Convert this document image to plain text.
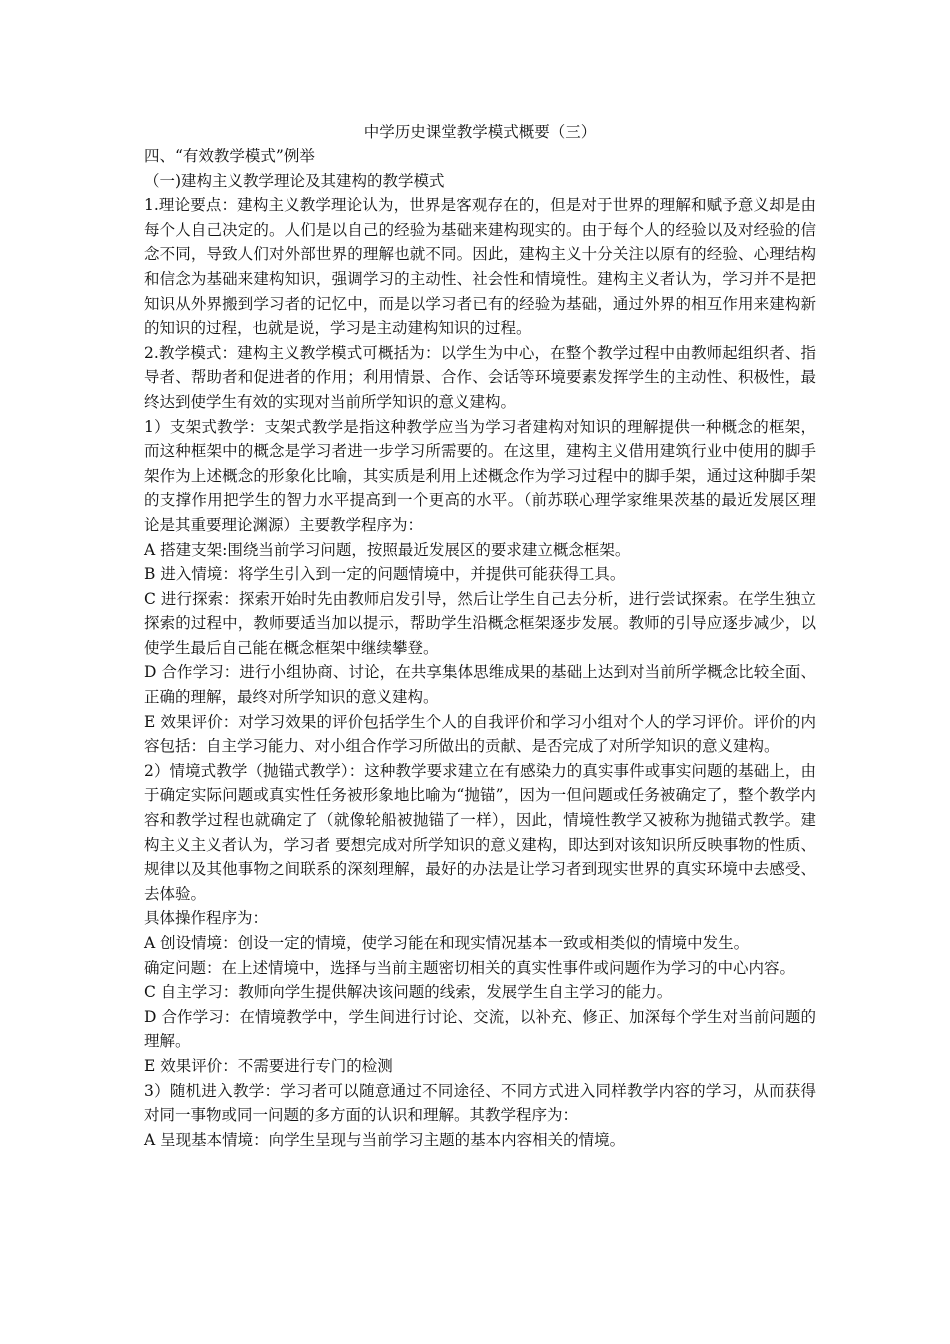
中学历史课堂教学模式概要（三）

四、“有效教学模式”例举

（一)建构主义教学理论及其建构的教学模式

1.理论要点：建构主义教学理论认为，世界是客观存在的，但是对于世界的理解和赋予意义却是由每个人自己决定的。人们是以自己的经验为基础来建构现实的。由于每个人的经验以及对经验的信念不同，导致人们对外部世界的理解也就不同。因此，建构主义十分关注以原有的经验、心理结构和信念为基础来建构知识，强调学习的主动性、社会性和情境性。建构主义者认为，学习并不是把知识从外界搬到学习者的记忆中，而是以学习者已有的经验为基础，通过外界的相互作用来建构新的知识的过程，也就是说，学习是主动建构知识的过程。

2.教学模式：建构主义教学模式可概括为：以学生为中心，在整个教学过程中由教师起组织者、指导者、帮助者和促进者的作用；利用情景、合作、会话等环境要素发挥学生的主动性、积极性，最终达到使学生有效的实现对当前所学知识的意义建构。

1）支架式教学：支架式教学是指这种教学应当为学习者建构对知识的理解提供一种概念的框架，而这种框架中的概念是学习者进一步学习所需要的。在这里，建构主义借用建筑行业中使用的脚手架作为上述概念的形象化比喻，其实质是利用上述概念作为学习过程中的脚手架，通过这种脚手架的支撑作用把学生的智力水平提高到一个更高的水平。（前苏联心理学家维果茨基的最近发展区理论是其重要理论渊源）主要教学程序为：

A 搭建支架:围绕当前学习问题，按照最近发展区的要求建立概念框架。

B 进入情境：将学生引入到一定的问题情境中，并提供可能获得工具。

C 进行探索：探索开始时先由教师启发引导，然后让学生自己去分析，进行尝试探索。在学生独立探索的过程中，教师要适当加以提示，帮助学生沿概念框架逐步发展。教师的引导应逐步减少，以使学生最后自己能在概念框架中继续攀登。

D 合作学习：进行小组协商、讨论，在共享集体思维成果的基础上达到对当前所学概念比较全面、正确的理解，最终对所学知识的意义建构。

E 效果评价：对学习效果的评价包括学生个人的自我评价和学习小组对个人的学习评价。评价的内容包括：自主学习能力、对小组合作学习所做出的贡献、是否完成了对所学知识的意义建构。

2）情境式教学（抛锚式教学）：这种教学要求建立在有感染力的真实事件或事实问题的基础上，由于确定实际问题或真实性任务被形象地比喻为“抛锚”，因为一但问题或任务被确定了，整个教学内容和教学过程也就确定了（就像轮船被抛锚了一样），因此，情境性教学又被称为抛锚式教学。建构主义主义者认为，学习者 要想完成对所学知识的意义建构，即达到对该知识所反映事物的性质、规律以及其他事物之间联系的深刻理解，最好的办法是让学习者到现实世界的真实环境中去感受、去体验。

具体操作程序为：

A 创设情境：创设一定的情境，使学习能在和现实情况基本一致或相类似的情境中发生。

确定问题：在上述情境中，选择与当前主题密切相关的真实性事件或问题作为学习的中心内容。

C 自主学习：教师向学生提供解决该问题的线索，发展学生自主学习的能力。

D 合作学习：在情境教学中，学生间进行讨论、交流，以补充、修正、加深每个学生对当前问题的理解。

E 效果评价：不需要进行专门的检测

3）随机进入教学：学习者可以随意通过不同途径、不同方式进入同样教学内容的学习，从而获得对同一事物或同一问题的多方面的认识和理解。其教学程序为：

A 呈现基本情境：向学生呈现与当前学习主题的基本内容相关的情境。
